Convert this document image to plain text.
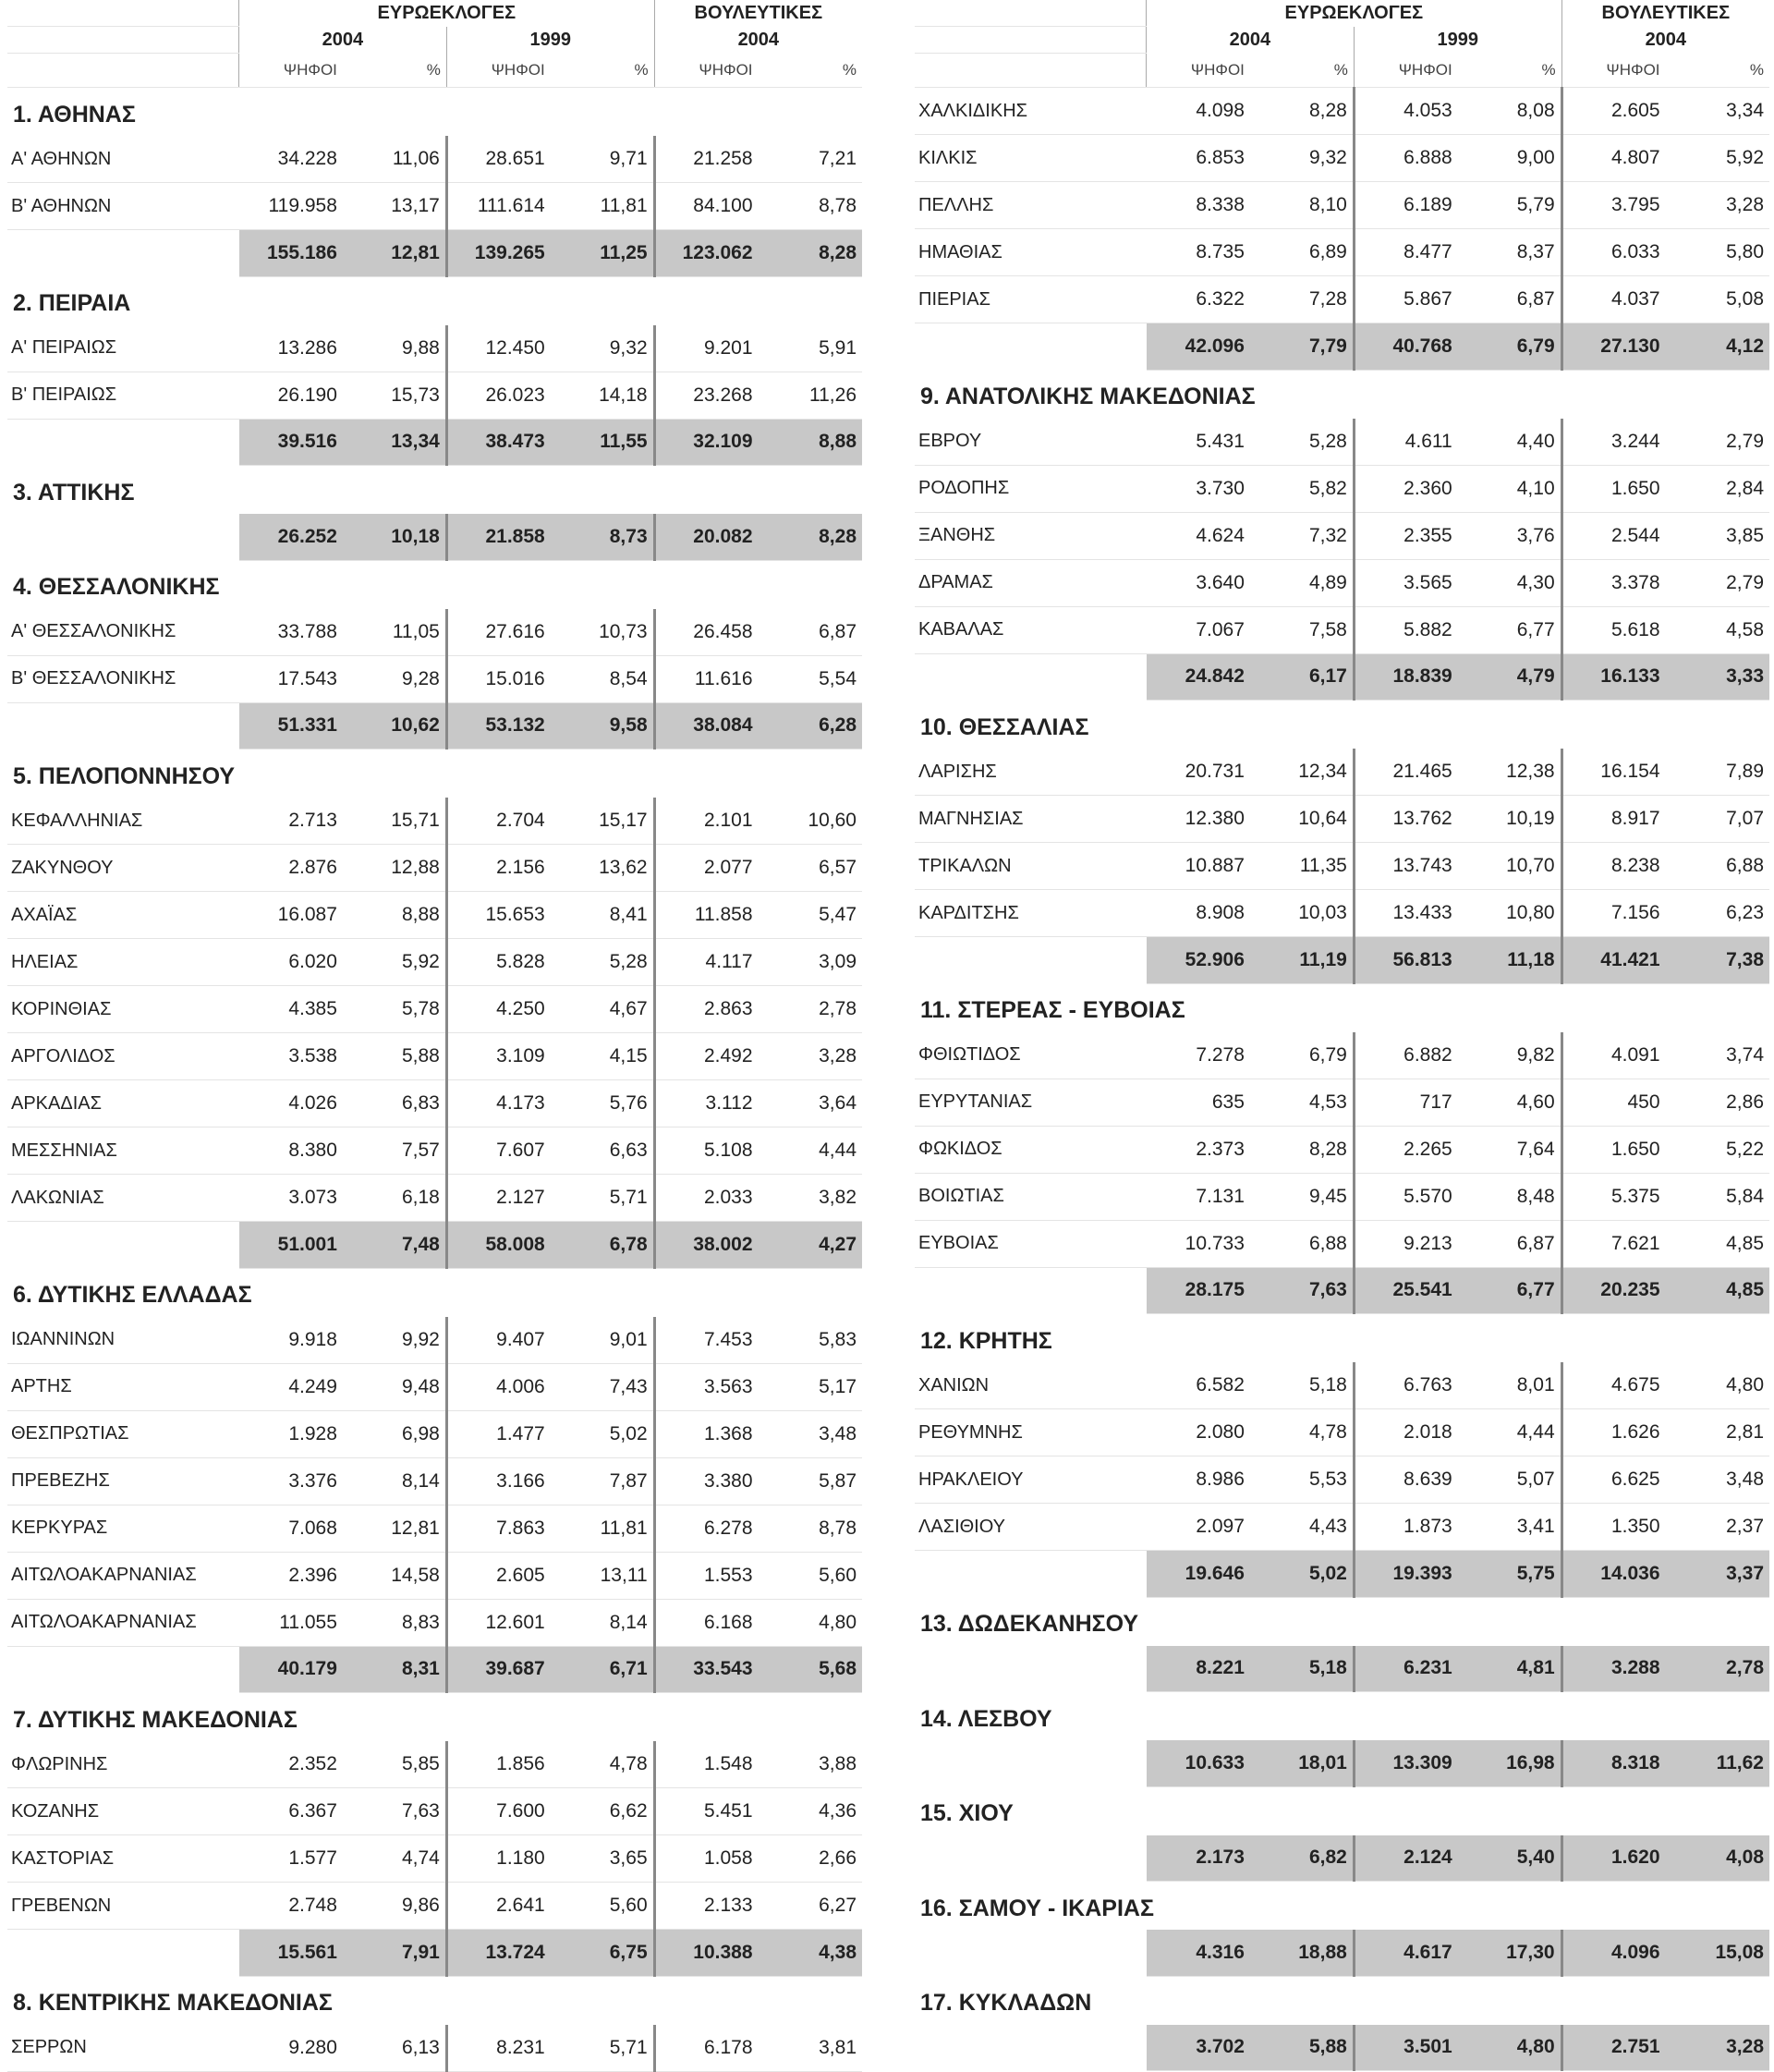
	ΕΥΡΩΕΚΛΟΓΕΣ				ΒΟΥΛΕΥΤΙΚΕΣ	
	2004		1999		2004	
	ΨΗΦΟΙ	%	ΨΗΦΟΙ	%	ΨΗΦΟΙ	%
1. ΑΘΗΝΑΣ						
Α' ΑΘΗΝΩΝ	34.228	11,06	28.651	9,71	21.258	7,21
Β' ΑΘΗΝΩΝ	119.958	13,17	111.614	11,81	84.100	8,78
	155.186	12,81	139.265	11,25	123.062	8,28
2. ΠΕΙΡΑΙΑ						
Α' ΠΕΙΡΑΙΩΣ	13.286	9,88	12.450	9,32	9.201	5,91
Β' ΠΕΙΡΑΙΩΣ	26.190	15,73	26.023	14,18	23.268	11,26
	39.516	13,34	38.473	11,55	32.109	8,88
3. ΑΤΤΙΚΗΣ						
	26.252	10,18	21.858	8,73	20.082	8,28
4. ΘΕΣΣΑΛΟΝΙΚΗΣ						
Α' ΘΕΣΣΑΛΟΝΙΚΗΣ	33.788	11,05	27.616	10,73	26.458	6,87
Β' ΘΕΣΣΑΛΟΝΙΚΗΣ	17.543	9,28	15.016	8,54	11.616	5,54
	51.331	10,62	53.132	9,58	38.084	6,28
5. ΠΕΛΟΠΟΝΝΗΣΟΥ						
ΚΕΦΑΛΛΗΝΙΑΣ	2.713	15,71	2.704	15,17	2.101	10,60
ΖΑΚΥΝΘΟΥ	2.876	12,88	2.156	13,62	2.077	6,57
ΑΧΑΪΑΣ	16.087	8,88	15.653	8,41	11.858	5,47
ΗΛΕΙΑΣ	6.020	5,92	5.828	5,28	4.117	3,09
ΚΟΡΙΝΘΙΑΣ	4.385	5,78	4.250	4,67	2.863	2,78
ΑΡΓΟΛΙΔΟΣ	3.538	5,88	3.109	4,15	2.492	3,28
ΑΡΚΑΔΙΑΣ	4.026	6,83	4.173	5,76	3.112	3,64
ΜΕΣΣΗΝΙΑΣ	8.380	7,57	7.607	6,63	5.108	4,44
ΛΑΚΩΝΙΑΣ	3.073	6,18	2.127	5,71	2.033	3,82
	51.001	7,48	58.008	6,78	38.002	4,27
6. ΔΥΤΙΚΗΣ ΕΛΛΑΔΑΣ						
ΙΩΑΝΝΙΝΩΝ	9.918	9,92	9.407	9,01	7.453	5,83
ΑΡΤΗΣ	4.249	9,48	4.006	7,43	3.563	5,17
ΘΕΣΠΡΩΤΙΑΣ	1.928	6,98	1.477	5,02	1.368	3,48
ΠΡΕΒΕΖΗΣ	3.376	8,14	3.166	7,87	3.380	5,87
ΚΕΡΚΥΡΑΣ	7.068	12,81	7.863	11,81	6.278	8,78
ΑΙΤΩΛΟΑΚΑΡΝΑΝΙΑΣ	2.396	14,58	2.605	13,11	1.553	5,60
ΑΙΤΩΛΟΑΚΑΡΝΑΝΙΑΣ	11.055	8,83	12.601	8,14	6.168	4,80
	40.179	8,31	39.687	6,71	33.543	5,68
7. ΔΥΤΙΚΗΣ ΜΑΚΕΔΟΝΙΑΣ						
ΦΛΩΡΙΝΗΣ	2.352	5,85	1.856	4,78	1.548	3,88
ΚΟΖΑΝΗΣ	6.367	7,63	7.600	6,62	5.451	4,36
ΚΑΣΤΟΡΙΑΣ	1.577	4,74	1.180	3,65	1.058	2,66
ΓΡΕΒΕΝΩΝ	2.748	9,86	2.641	5,60	2.133	6,27
	15.561	7,91	13.724	6,75	10.388	4,38
8. ΚΕΝΤΡΙΚΗΣ ΜΑΚΕΔΟΝΙΑΣ						
ΣΕΡΡΩΝ	9.280	6,13	8.231	5,71	6.178	3,81
	ΕΥΡΩΕΚΛΟΓΕΣ				ΒΟΥΛΕΥΤΙΚΕΣ	
	2004		1999		2004	
	ΨΗΦΟΙ	%	ΨΗΦΟΙ	%	ΨΗΦΟΙ	%
ΧΑΛΚΙΔΙΚΗΣ	4.098	8,28	4.053	8,08	2.605	3,34
ΚΙΛΚΙΣ	6.853	9,32	6.888	9,00	4.807	5,92
ΠΕΛΛΗΣ	8.338	8,10	6.189	5,79	3.795	3,28
ΗΜΑΘΙΑΣ	8.735	6,89	8.477	8,37	6.033	5,80
ΠΙΕΡΙΑΣ	6.322	7,28	5.867	6,87	4.037	5,08
	42.096	7,79	40.768	6,79	27.130	4,12
9. ΑΝΑΤΟΛΙΚΗΣ ΜΑΚΕΔΟΝΙΑΣ						
ΕΒΡΟΥ	5.431	5,28	4.611	4,40	3.244	2,79
ΡΟΔΟΠΗΣ	3.730	5,82	2.360	4,10	1.650	2,84
ΞΑΝΘΗΣ	4.624	7,32	2.355	3,76	2.544	3,85
ΔΡΑΜΑΣ	3.640	4,89	3.565	4,30	3.378	2,79
ΚΑΒΑΛΑΣ	7.067	7,58	5.882	6,77	5.618	4,58
	24.842	6,17	18.839	4,79	16.133	3,33
10. ΘΕΣΣΑΛΙΑΣ						
ΛΑΡΙΣΗΣ	20.731	12,34	21.465	12,38	16.154	7,89
ΜΑΓΝΗΣΙΑΣ	12.380	10,64	13.762	10,19	8.917	7,07
ΤΡΙΚΑΛΩΝ	10.887	11,35	13.743	10,70	8.238	6,88
ΚΑΡΔΙΤΣΗΣ	8.908	10,03	13.433	10,80	7.156	6,23
	52.906	11,19	56.813	11,18	41.421	7,38
11. ΣΤΕΡΕΑΣ - ΕΥΒΟΙΑΣ						
ΦΘΙΩΤΙΔΟΣ	7.278	6,79	6.882	9,82	4.091	3,74
ΕΥΡΥΤΑΝΙΑΣ	635	4,53	717	4,60	450	2,86
ΦΩΚΙΔΟΣ	2.373	8,28	2.265	7,64	1.650	5,22
ΒΟΙΩΤΙΑΣ	7.131	9,45	5.570	8,48	5.375	5,84
ΕΥΒΟΙΑΣ	10.733	6,88	9.213	6,87	7.621	4,85
	28.175	7,63	25.541	6,77	20.235	4,85
12. ΚΡΗΤΗΣ						
ΧΑΝΙΩΝ	6.582	5,18	6.763	8,01	4.675	4,80
ΡΕΘΥΜΝΗΣ	2.080	4,78	2.018	4,44	1.626	2,81
ΗΡΑΚΛΕΙΟΥ	8.986	5,53	8.639	5,07	6.625	3,48
ΛΑΣΙΘΙΟΥ	2.097	4,43	1.873	3,41	1.350	2,37
	19.646	5,02	19.393	5,75	14.036	3,37
13. ΔΩΔΕΚΑΝΗΣΟΥ						
	8.221	5,18	6.231	4,81	3.288	2,78
14. ΛΕΣΒΟΥ						
	10.633	18,01	13.309	16,98	8.318	11,62
15. ΧΙΟΥ						
	2.173	6,82	2.124	5,40	1.620	4,08
16. ΣΑΜΟΥ - ΙΚΑΡΙΑΣ						
	4.316	18,88	4.617	17,30	4.096	15,08
17. ΚΥΚΛΑΔΩΝ						
	3.702	5,88	3.501	4,80	2.751	3,28
